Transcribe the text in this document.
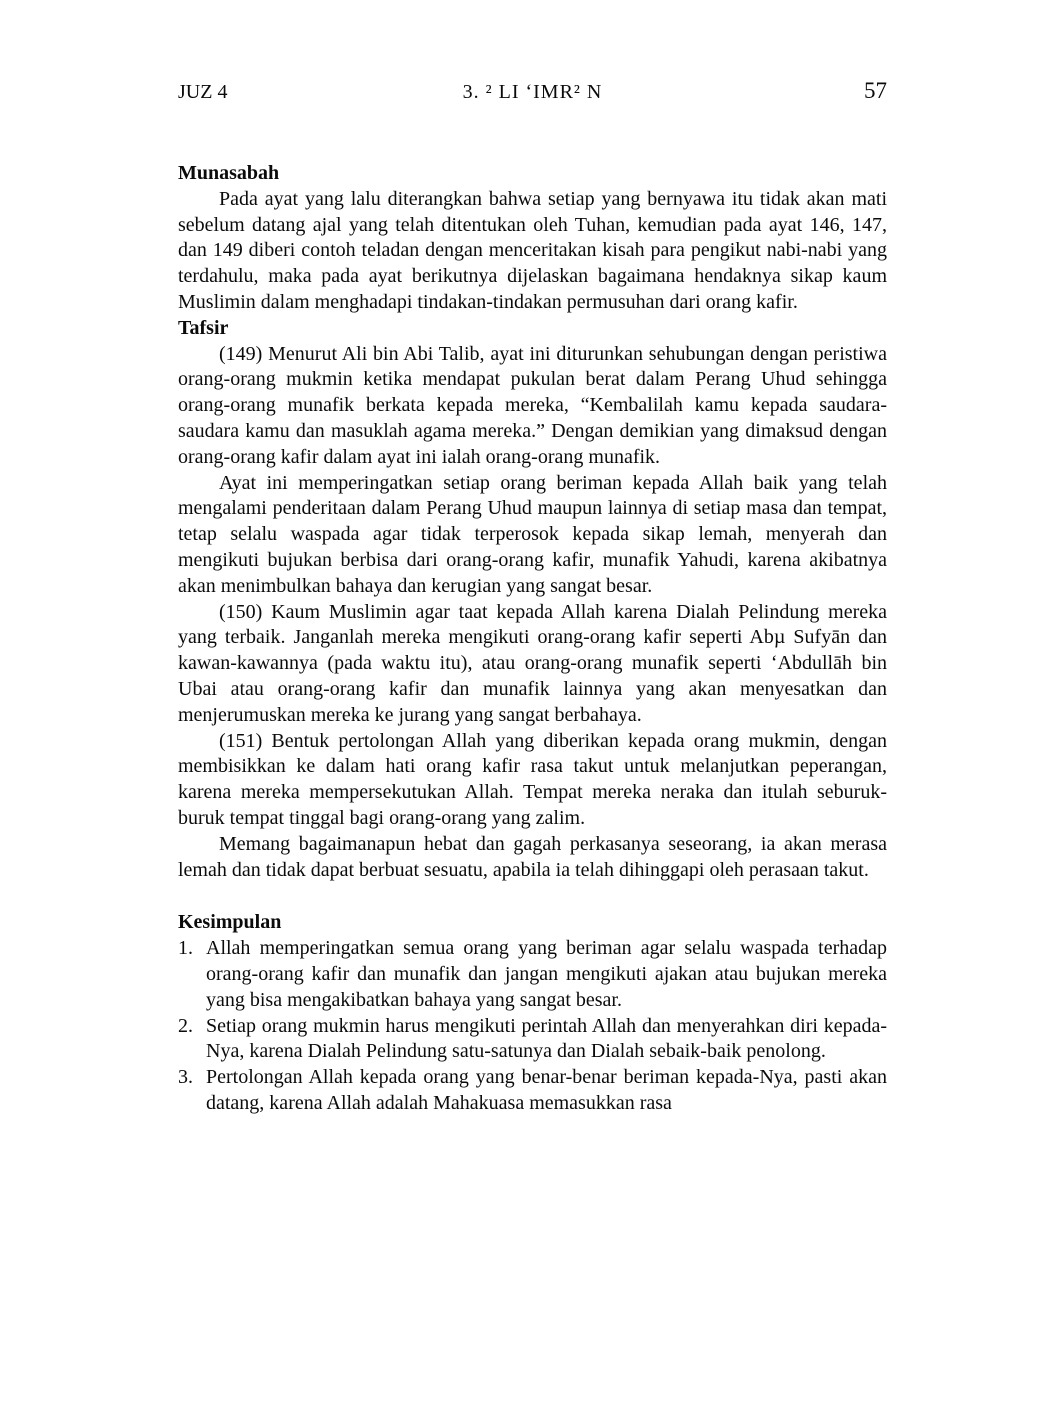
JUZ 4	3. ² LI ‘IMR² N	57
Munasabah

Pada ayat yang lalu diterangkan bahwa setiap yang bernyawa itu tidak akan mati sebelum datang ajal yang telah ditentukan oleh Tuhan, kemudian pada ayat 146, 147, dan 149 diberi contoh teladan dengan menceritakan kisah para pengikut nabi-nabi yang terdahulu, maka pada ayat berikutnya dijelaskan bagaimana hendaknya sikap kaum Muslimin dalam menghadapi tindakan-tindakan permusuhan dari orang kafir.

Tafsir

(149) Menurut Ali bin Abi Talib, ayat ini diturunkan sehubungan dengan peristiwa orang-orang mukmin ketika mendapat pukulan berat dalam Perang Uhud sehingga orang-orang munafik berkata kepada mereka, “Kembalilah kamu kepada saudara-saudara kamu dan masuklah agama mereka.” Dengan demikian yang dimaksud dengan orang-orang kafir dalam ayat ini ialah orang-orang munafik.

Ayat ini memperingatkan setiap orang beriman kepada Allah baik yang telah mengalami penderitaan dalam Perang Uhud maupun lainnya di setiap masa dan tempat, tetap selalu waspada agar tidak terperosok kepada sikap lemah, menyerah dan mengikuti bujukan berbisa dari orang-orang kafir, munafik Yahudi, karena akibatnya akan menimbulkan bahaya dan kerugian yang sangat besar.

(150) Kaum Muslimin agar taat kepada Allah karena Dialah Pelindung mereka yang terbaik. Janganlah mereka mengikuti orang-orang kafir seperti Abµ Sufyān dan kawan-kawannya (pada waktu itu), atau orang-orang munafik seperti ‘Abdullāh bin Ubai atau orang-orang kafir dan munafik lainnya yang akan menyesatkan dan menjerumuskan mereka ke jurang yang sangat berbahaya.

(151) Bentuk pertolongan Allah yang diberikan kepada orang mukmin, dengan membisikkan ke dalam hati orang kafir rasa takut untuk melanjutkan peperangan, karena mereka mempersekutukan Allah. Tempat mereka neraka dan itulah seburuk-buruk tempat tinggal bagi orang-orang yang zalim.

Memang bagaimanapun hebat dan gagah perkasanya seseorang, ia akan merasa lemah dan tidak dapat berbuat sesuatu, apabila ia telah dihinggapi oleh perasaan takut.

Kesimpulan
1. Allah memperingatkan semua orang yang beriman agar selalu waspada terhadap orang-orang kafir dan munafik dan jangan mengikuti ajakan atau bujukan mereka yang bisa mengakibatkan bahaya yang sangat besar.
2. Setiap orang mukmin harus mengikuti perintah Allah dan menyerahkan diri kepada-Nya, karena Dialah Pelindung satu-satunya dan Dialah sebaik-baik penolong.
3. Pertolongan Allah kepada orang yang benar-benar beriman kepada-Nya, pasti akan datang, karena Allah adalah Mahakuasa memasukkan rasa
